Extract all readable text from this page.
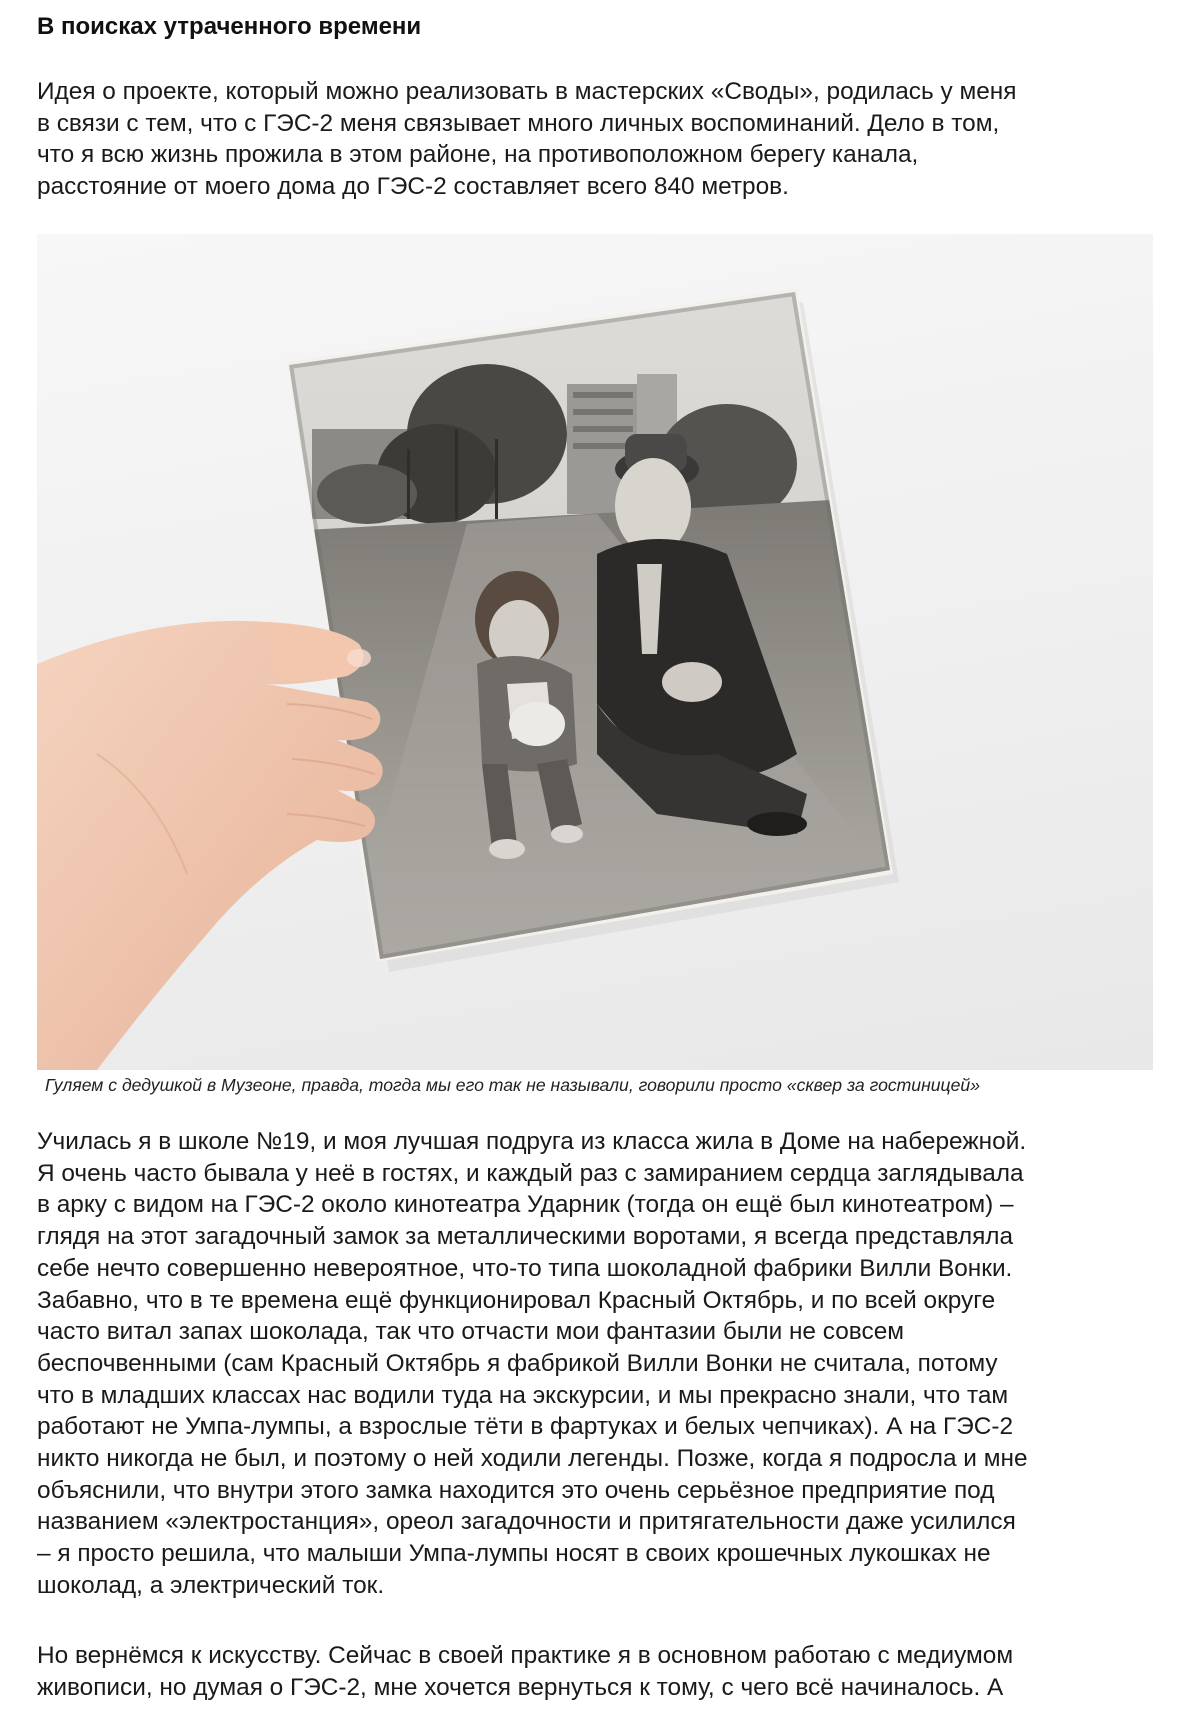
В поисках утраченного времени

Идея о проекте, который можно реализовать в мастерских «Своды», родилась у меня
в связи с тем, что с ГЭС-2 меня связывает много личных воспоминаний. Дело в том,
что я всю жизнь прожила в этом районе, на противоположном берегу канала,
расстояние от моего дома до ГЭС-2 составляет всего 840 метров.

Гуляем с дедушкой в Музеоне, правда, тогда мы его так не называли, говорили просто «сквер за гостиницей»

Училась я в школе №19, и моя лучшая подруга из класса жила в Доме на набережной.
Я очень часто бывала у неё в гостях, и каждый раз с замиранием сердца заглядывала
в арку с видом на ГЭС-2 около кинотеатра Ударник (тогда он ещё был кинотеатром) –
глядя на этот загадочный замок за металлическими воротами, я всегда представляла
себе нечто совершенно невероятное, что-то типа шоколадной фабрики Вилли Вонки.
Забавно, что в те времена ещё функционировал Красный Октябрь, и по всей округе
часто витал запах шоколада, так что отчасти мои фантазии были не совсем
беспочвенными (сам Красный Октябрь я фабрикой Вилли Вонки не считала, потому
что в младших классах нас водили туда на экскурсии, и мы прекрасно знали, что там
работают не Умпа-лумпы, а взрослые тёти в фартуках и белых чепчиках). А на ГЭС-2
никто никогда не был, и поэтому о ней ходили легенды. Позже, когда я подросла и мне
объяснили, что внутри этого замка находится это очень серьёзное предприятие под
названием «электростанция», ореол загадочности и притягательности даже усилился
– я просто решила, что малыши Умпа-лумпы носят в своих крошечных лукошках не
шоколад, а электрический ток.

Но вернёмся к искусству. Сейчас в своей практике я в основном работаю с медиумом
живописи, но думая о ГЭС-2, мне хочется вернуться к тому, с чего всё начиналось. А
